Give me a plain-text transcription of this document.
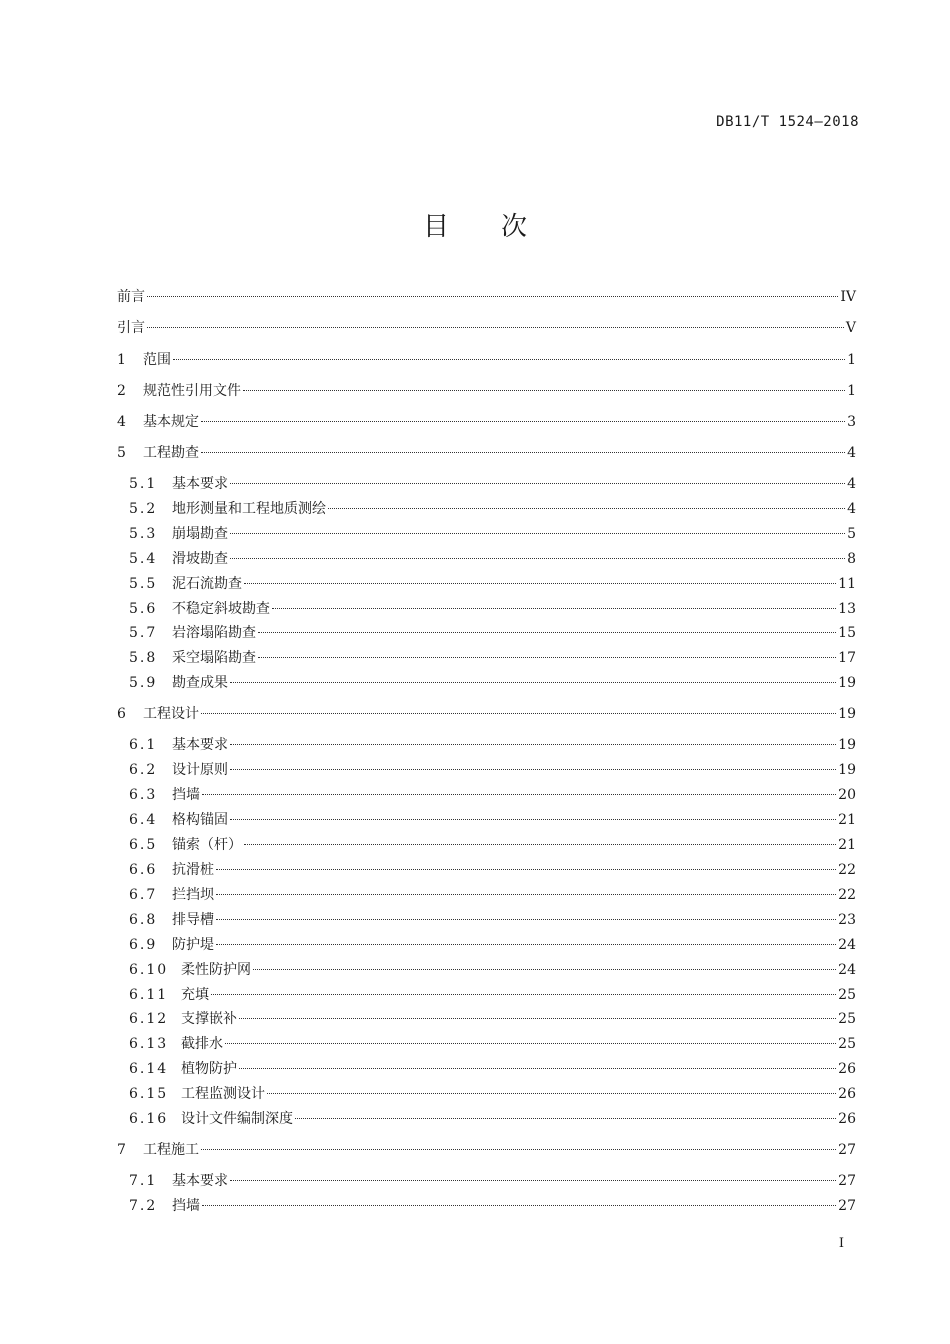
DB11/T 1524—2018
目 次
前言	IV
引言	V
1	范围	1
2	规范性引用文件	1
4	基本规定	3
5	工程勘查	4
5.1	基本要求	4
5.2	地形测量和工程地质测绘	4
5.3	崩塌勘查	5
5.4	滑坡勘查	8
5.5	泥石流勘查	11
5.6	不稳定斜坡勘查	13
5.7	岩溶塌陷勘查	15
5.8	采空塌陷勘查	17
5.9	勘查成果	19
6	工程设计	19
6.1	基本要求	19
6.2	设计原则	19
6.3	挡墙	20
6.4	格构锚固	21
6.5	锚索（杆）	21
6.6	抗滑桩	22
6.7	拦挡坝	22
6.8	排导槽	23
6.9	防护堤	24
6.10 柔性防护网	24
6.11 充填	25
6.12 支撑嵌补	25
6.13 截排水	25
6.14 植物防护	26
6.15 工程监测设计	26
6.16 设计文件编制深度	26
7	工程施工	27
7.1	基本要求	27
7.2	挡墙	27
I
